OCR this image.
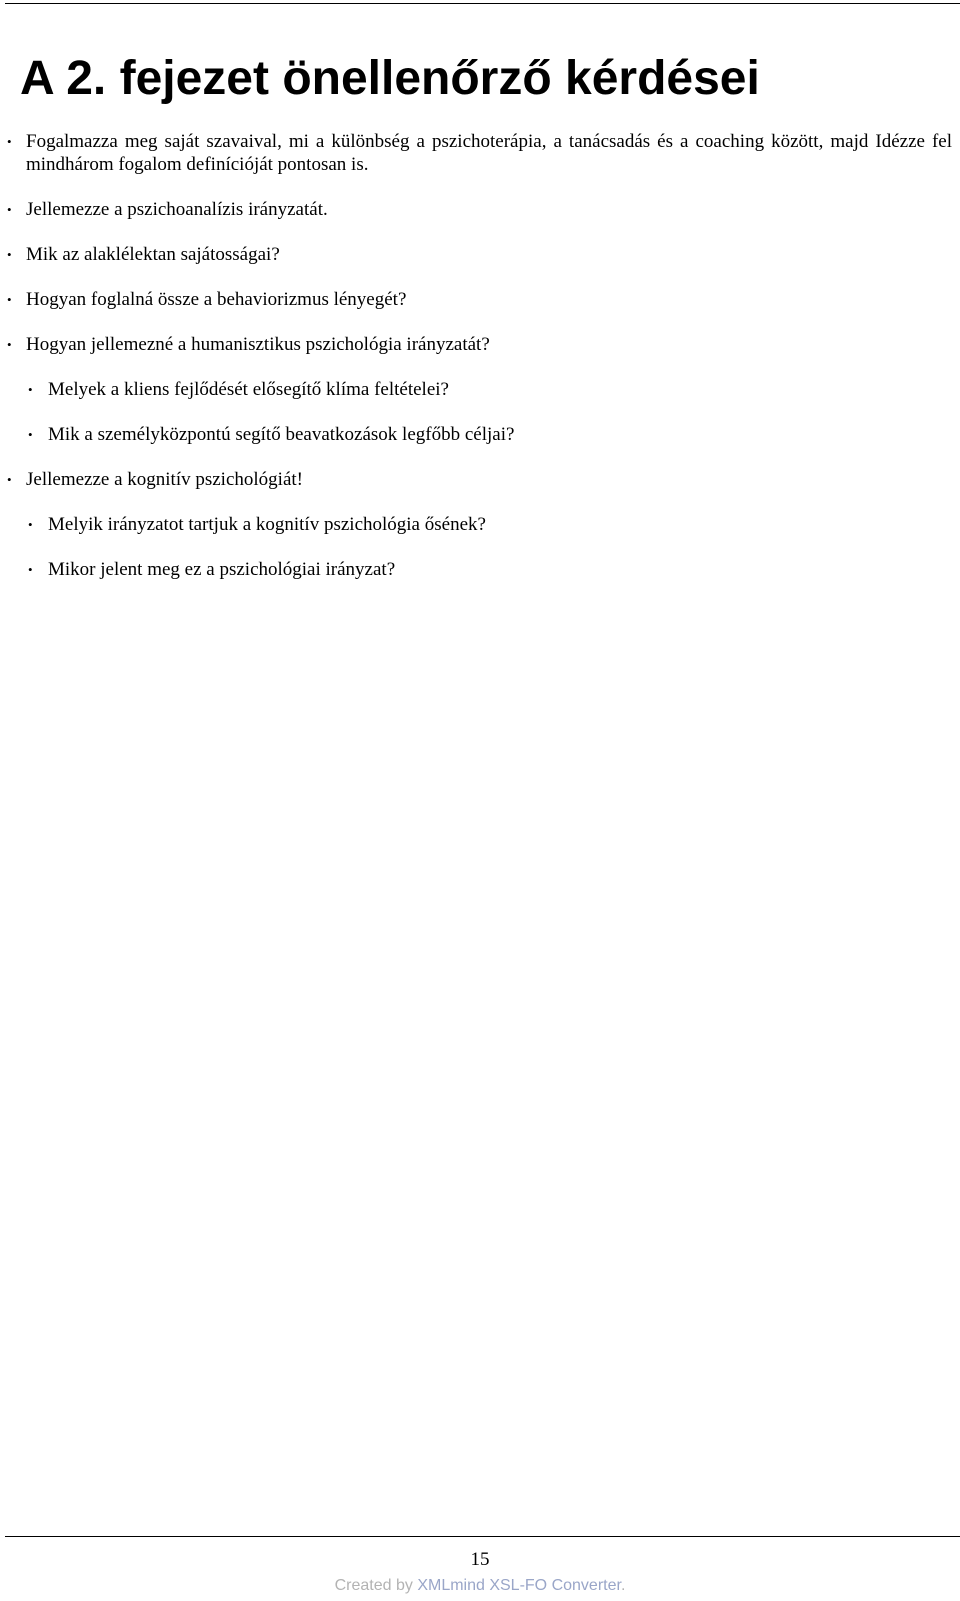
A 2. fejezet önellenőrző kérdései
• Fogalmazza meg saját szavaival, mi a különbség a pszichoterápia, a tanácsadás és a coaching között, majd Idézze fel mindhárom fogalom definícióját pontosan is.
• Jellemezze a pszichoanalízis irányzatát.
• Mik az alaklélektan sajátosságai?
• Hogyan foglalná össze a behaviorizmus lényegét?
• Hogyan jellemezné a humanisztikus pszichológia irányzatát?
• Melyek a kliens fejlődését elősegítő klíma feltételei?
• Mik a személyközpontú segítő beavatkozások legfőbb céljai?
• Jellemezze a kognitív pszichológiát!
• Melyik irányzatot tartjuk a kognitív pszichológia ősének?
• Mikor jelent meg ez a pszichológiai irányzat?
15
Created by XMLmind XSL-FO Converter.
